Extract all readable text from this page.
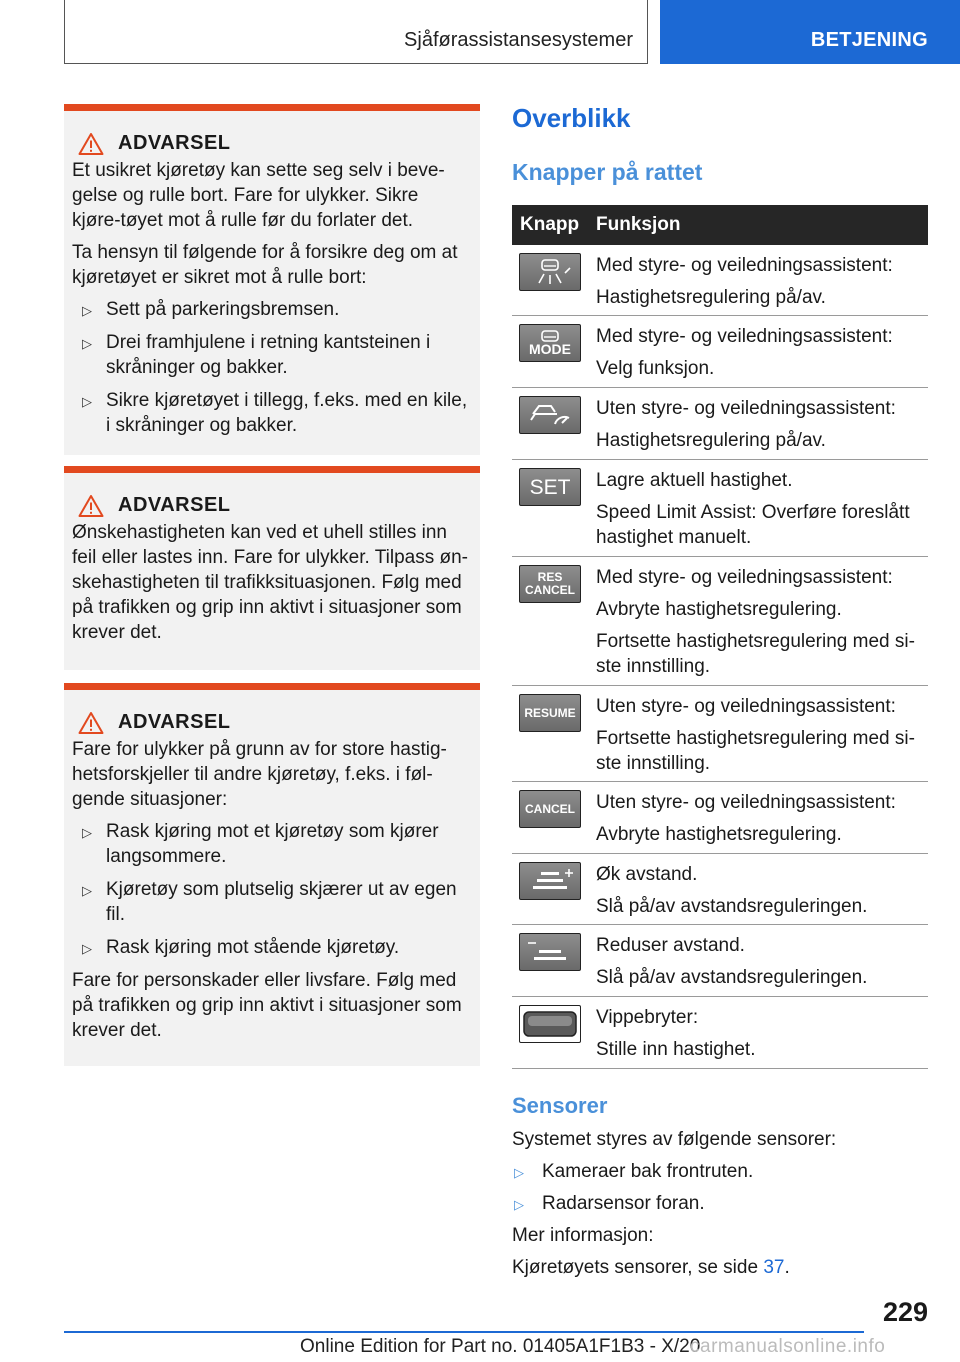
Sjåførassistansesystemer	BETJENING
ADVARSEL

Et usikret kjøretøy kan sette seg selv i beve-gelse og rulle bort. Fare for ulykker. Sikre kjøre-tøyet mot å rulle før du forlater det.

Ta hensyn til følgende for å forsikre deg om at kjøretøyet er sikret mot å rulle bort:

▷ Sett på parkeringsbremsen.
▷ Drei framhjulene i retning kantsteinen i skråninger og bakker.
▷ Sikre kjøretøyet i tillegg, f.eks. med en kile, i skråninger og bakker.
ADVARSEL

Ønskehastigheten kan ved et uhell stilles inn feil eller lastes inn. Fare for ulykker. Tilpass øn-skehastigheten til trafikksituasjonen. Følg med på trafikken og grip inn aktivt i situasjoner som krever det.

ADVARSEL

Fare for ulykker på grunn av for store hastig-hetsforskjeller til andre kjøretøy, f.eks. i føl-gende situasjoner:

▷ Rask kjøring mot et kjøretøy som kjører langsommere.
▷ Kjøretøy som plutselig skjærer ut av egen fil.
▷ Rask kjøring mot stående kjøretøy.

Fare for personskader eller livsfare. Følg med på trafikken og grip inn aktivt i situasjoner som krever det.

Overblikk
Knapper på rattet
Knapp Funksjon

Med styre- og veiledningsassistent:

Hastighetsregulering på/av.

MODE

Med styre- og veiledningsassistent:

Velg funksjon.

Uten styre- og veiledningsassistent:

Hastighetsregulering på/av.

SET Lagre aktuell hastighet.

Speed Limit Assist: Overføre foreslått hastighet manuelt.

RES CANCEL

Med styre- og veiledningsassistent:

Avbryte hastighetsregulering.

Fortsette hastighetsregulering med si-ste innstilling.

RESUME Uten styre- og veiledningsassistent:

Fortsette hastighetsregulering med si-ste innstilling.

CANCEL Uten styre- og veiledningsassistent:

Avbryte hastighetsregulering.

Øk avstand.

Slå på/av avstandsreguleringen.

Reduser avstand.

Slå på/av avstandsreguleringen.

Vippebryter:

Stille inn hastighet.

Sensorer

Systemet styres av følgende sensorer:

▷ Kameraer bak frontruten.
▷ Radarsensor foran.

Mer informasjon:

Kjøretøyets sensorer, se side 37.

229
Online Edition for Part no. 01405A1F1B3 - X/20
carmanualsonline.info
